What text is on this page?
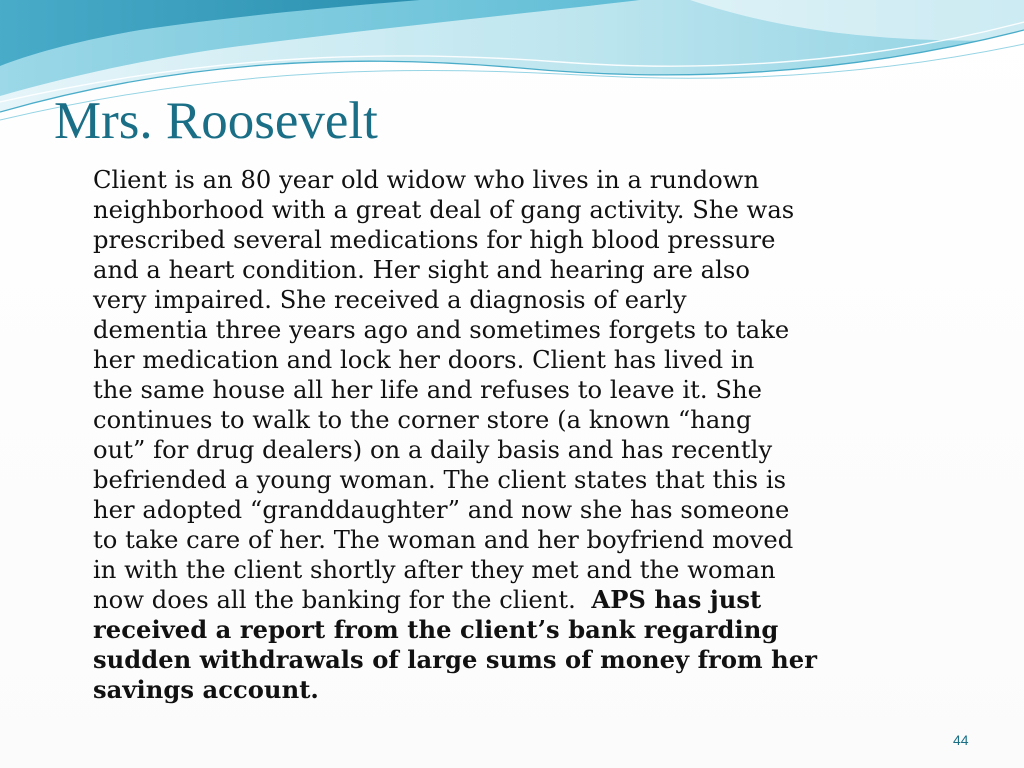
Mrs. Roosevelt
Client is an 80 year old widow who lives in a rundown
neighborhood with a great deal of gang activity. She was
prescribed several medications for high blood pressure
and a heart condition. Her sight and hearing are also
very impaired. She received a diagnosis of early
dementia three years ago and sometimes forgets to take
her medication and lock her doors. Client has lived in
the same house all her life and refuses to leave it. She
continues to walk to the corner store (a known “hang
out” for drug dealers) on a daily basis and has recently
befriended a young woman. The client states that this is
her adopted “granddaughter” and now she has someone
to take care of her. The woman and her boyfriend moved
in with the client shortly after they met and the woman
now does all the banking for the client. APS has just
received a report from the client’s bank regarding
sudden withdrawals of large sums of money from her
savings account.
44
